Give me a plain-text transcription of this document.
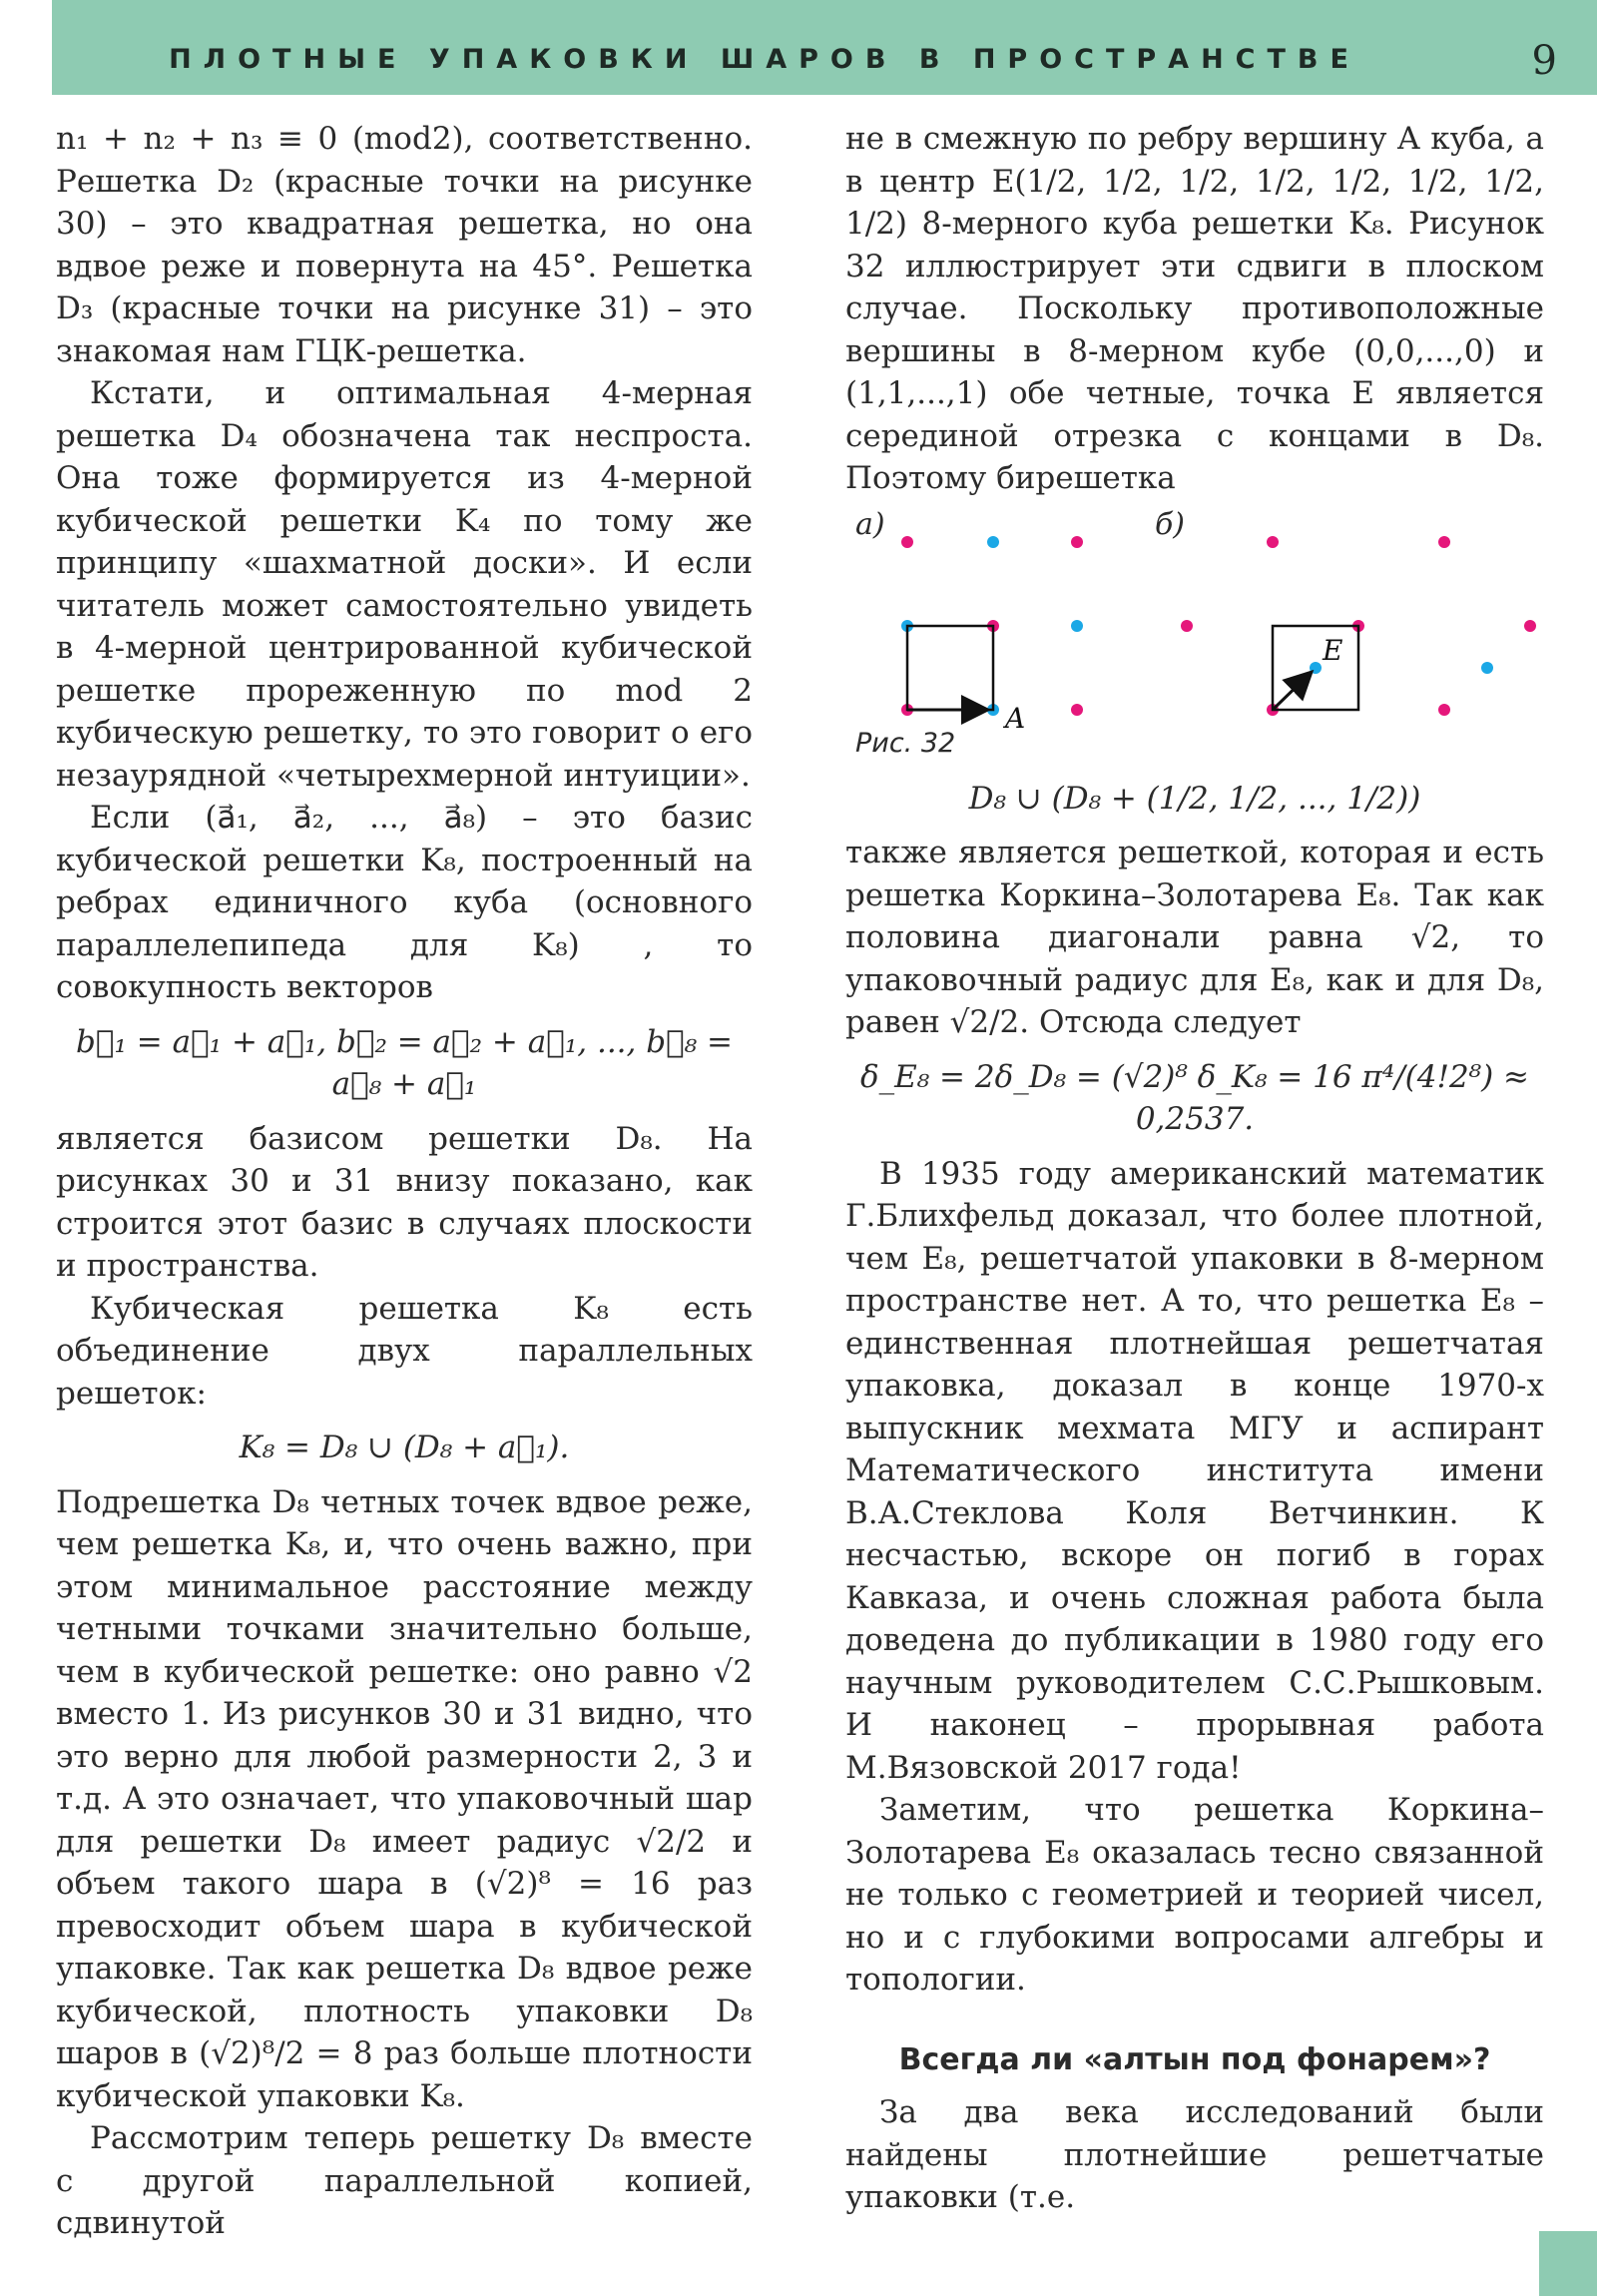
ПЛОТНЫЕ УПАКОВКИ ШАРОВ В ПРОСТРАНСТВЕ	9

n₁ + n₂ + n₃ ≡ 0 (mod2), соответственно. Решетка D₂ (красные точки на рисунке 30) – это квадратная решетка, но она вдвое реже и повернута на 45°. Решетка D₃ (красные точки на рисунке 31) – это знакомая нам ГЦК-решетка.

Кстати, и оптимальная 4-мерная решетка D₄ обозначена так неспроста. Она тоже формируется из 4-мерной кубической решетки K₄ по тому же принципу «шахматной доски». И если читатель может самостоятельно увидеть в 4-мерной центрированной кубической решетке прореженную по mod 2 кубическую решетку, то это говорит о его незаурядной «четырехмерной интуиции».

Если (a⃗₁, a⃗₂, ..., a⃗₈) – это базис кубической решетки K₈, построенный на ребрах единичного куба (основного параллелепипеда для K₈) , то совокупность векторов

b⃗₁ = a⃗₁ + a⃗₁, b⃗₂ = a⃗₂ + a⃗₁, ..., b⃗₈ = a⃗₈ + a⃗₁

является базисом решетки D₈. На рисунках 30 и 31 внизу показано, как строится этот базис в случаях плоскости и пространства.

Кубическая решетка K₈ есть объединение двух параллельных решеток:

K₈ = D₈ ∪ (D₈ + a⃗₁).

Подрешетка D₈ четных точек вдвое реже, чем решетка K₈, и, что очень важно, при этом минимальное расстояние между четными точками значительно больше, чем в кубической решетке: оно равно √2 вместо 1. Из рисунков 30 и 31 видно, что это верно для любой размерности 2, 3 и т.д. А это означает, что упаковочный шар для решетки D₈ имеет радиус √2/2 и объем такого шара в (√2)⁸ = 16 раз превосходит объем шара в кубической упаковке. Так как решетка D₈ вдвое реже кубической, плотность упаковки D₈ шаров в (√2)⁸/2 = 8 раз больше плотности кубической упаковки K₈.

Рассмотрим теперь решетку D₈ вместе с другой параллельной копией, сдвинутой

не в смежную по ребру вершину A куба, а в центр E(1/2, 1/2, 1/2, 1/2, 1/2, 1/2, 1/2, 1/2) 8-мерного куба решетки K₈. Рисунок 32 иллюстрирует эти сдвиги в плоском случае. Поскольку противоположные вершины в 8-мерном кубе (0,0,...,0) и (1,1,...,1) обе четные, точка E является серединой отрезка с концами в D₈. Поэтому бирешетка

а)	б)
A
E
Рис. 32
D₈ ∪ (D₈ + (1/2, 1/2, ..., 1/2))

также является решеткой, которая и есть решетка Коркина–Золотарева E₈. Так как половина диагонали равна √2, то упаковочный радиус для E₈, как и для D₈, равен √2/2. Отсюда следует

δ_E₈ = 2δ_D₈ = (√2)⁸ δ_K₈ = 16 π⁴/(4!2⁸) ≈ 0,2537.

В 1935 году американский математик Г.Блихфельд доказал, что более плотной, чем E₈, решетчатой упаковки в 8-мерном пространстве нет. А то, что решетка E₈ – единственная плотнейшая решетчатая упаковка, доказал в конце 1970-х выпускник мехмата МГУ и аспирант Математического института имени В.А.Стеклова Коля Ветчинкин. К несчастью, вскоре он погиб в горах Кавказа, и очень сложная работа была доведена до публикации в 1980 году его научным руководителем С.С.Рышковым. И наконец – прорывная работа М.Вязовской 2017 года!

Заметим, что решетка Коркина–Золотарева E₈ оказалась тесно связанной не только с геометрией и теорией чисел, но и с глубокими вопросами алгебры и топологии.

Всегда ли «алтын под фонарем»?

За два века исследований были найдены плотнейшие решетчатые упаковки (т.е.
